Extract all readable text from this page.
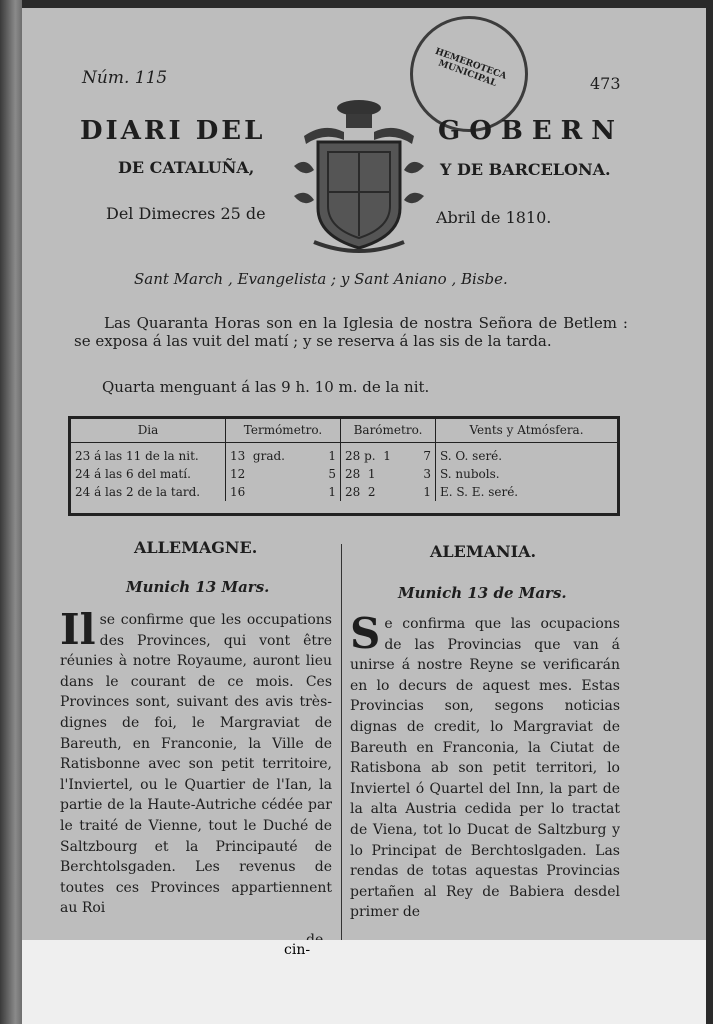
Núm. 115	473
HEMEROTECA MUNICIPAL
DIARI DEL	GOBERN
DE CATALUÑA,	Y DE BARCELONA.
Del Dimecres 25 de	Abril de 1810.
Sant March , Evangelista ; y Sant Aniano , Bisbe.

Las Quaranta Horas son en la Iglesia de nostra Señora de Betlem : se exposa á las vuit del matí ; y se reserva á las sis de la tarda.

Quarta menguant á las 9 h. 10 m. de la nit.
Dia	Termómetro.	Barómetro.	Vents y Atmósfera.
23 á las 11 de la nit.	13 grad. 1	28 p. 1 7	S. O. seré.
24 á las 6 del matí.	12 5	28 1 3	S. nubols.
24 á las 2 de la tard.	16 1	28 2 1	E. S. E. seré.
ALLEMAGNE.
Munich 13 Mars.

Il se confirme que les occupations des Provinces, qui vont être réunies à notre Royaume, auront lieu dans le courant de ce mois. Ces Provinces sont, suivant des avis très-dignes de foi, le Margraviat de Bareuth, en Franconie, la Ville de Ratisbonne avec son petit territoire, l'Inviertel, ou le Quartier de l'Ian, la partie de la Haute-Autriche cédée par le traité de Vienne, tout le Duché de Saltzbourg et la Principauté de Berchtolsgaden. Les revenus de toutes ces Provinces appartiennent au Roi

ALEMANIA.
Munich 13 de Mars.

Se confirma que las ocupacions de las Provincias que van á unirse á nostre Reyne se verificarán en lo decurs de aquest mes. Estas Provincias son, segons noticias dignas de credit, lo Margraviat de Bareuth en Franconia, la Ciutat de Ratisbona ab son petit territori, lo Inviertel ó Quartel del Inn, la part de la alta Austria cedida per lo tractat de Viena, tot lo Ducat de Saltzburg y lo Principat de Berchtoslgaden. Las rendas de totas aquestas Provincias pertañen al Rey de Babiera desdel primer de

cin-
